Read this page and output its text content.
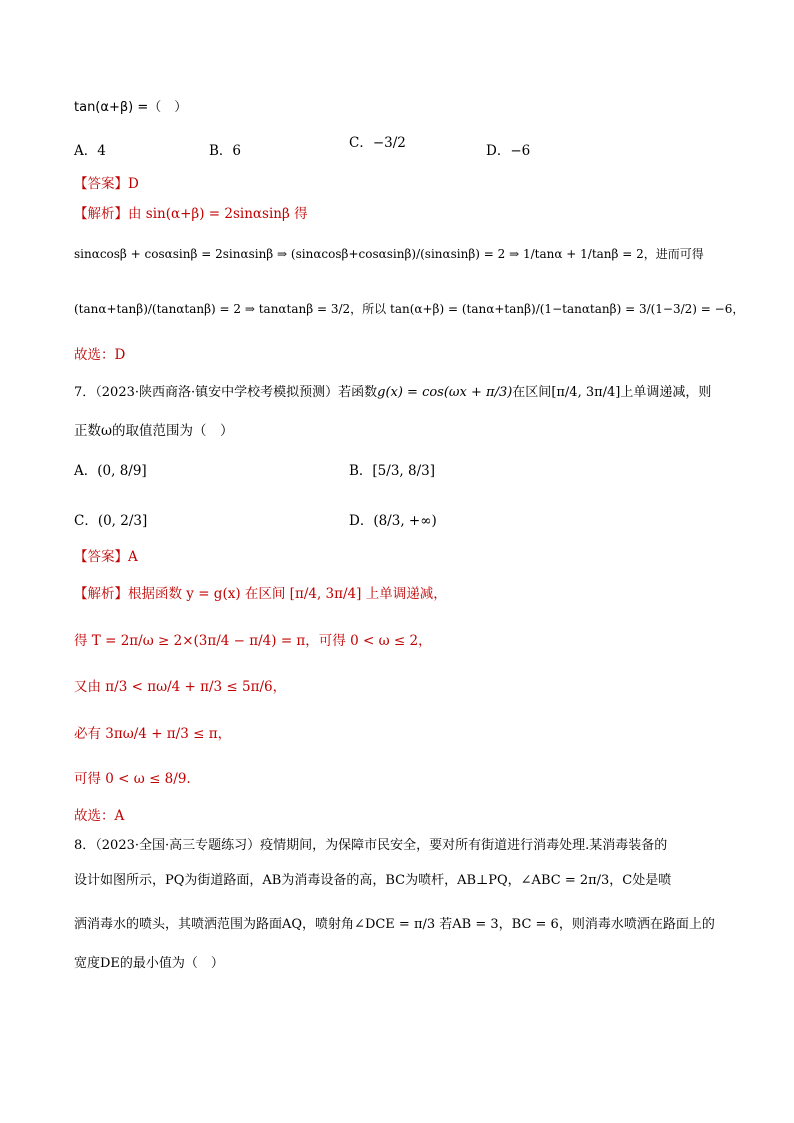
tan(α+β) =（　）
A．4	B．6	C．−3/2	D．−6
【答案】D
【解析】由 sin(α+β) = 2sinαsinβ 得
sinαcosβ + cosαsinβ = 2sinαsinβ ⇒ (sinαcosβ+cosαsinβ)/(sinαsinβ) = 2 ⇒ 1/tanα + 1/tanβ = 2，进而可得
(tanα+tanβ)/(tanαtanβ) = 2 ⇒ tanαtanβ = 3/2，所以 tan(α+β) = (tanα+tanβ)/(1−tanαtanβ) = 3/(1−3/2) = −6，
故选：D
7．（2023·陕西商洛·镇安中学校考模拟预测）若函数g(x) = cos(ωx + π/3)在区间[π/4, 3π/4]上单调递减，则
正数ω的取值范围为（　）
A．(0, 8/9]	B．[5/3, 8/3]
C．(0, 2/3]	D．(8/3, +∞)
【答案】A
【解析】根据函数 y = g(x) 在区间 [π/4, 3π/4] 上单调递减，
得 T = 2π/ω ≥ 2×(3π/4 − π/4) = π，可得 0 < ω ≤ 2，
又由 π/3 < πω/4 + π/3 ≤ 5π/6，
必有 3πω/4 + π/3 ≤ π，
可得 0 < ω ≤ 8/9.
故选：A
8．（2023·全国·高三专题练习）疫情期间，为保障市民安全，要对所有街道进行消毒处理.某消毒装备的
设计如图所示，PQ为街道路面，AB为消毒设备的高，BC为喷杆，AB⊥PQ，∠ABC = 2π/3，C处是喷
洒消毒水的喷头，其喷洒范围为路面AQ，喷射角∠DCE = π/3 若AB = 3，BC = 6，则消毒水喷洒在路面上的
宽度DE的最小值为（　）
